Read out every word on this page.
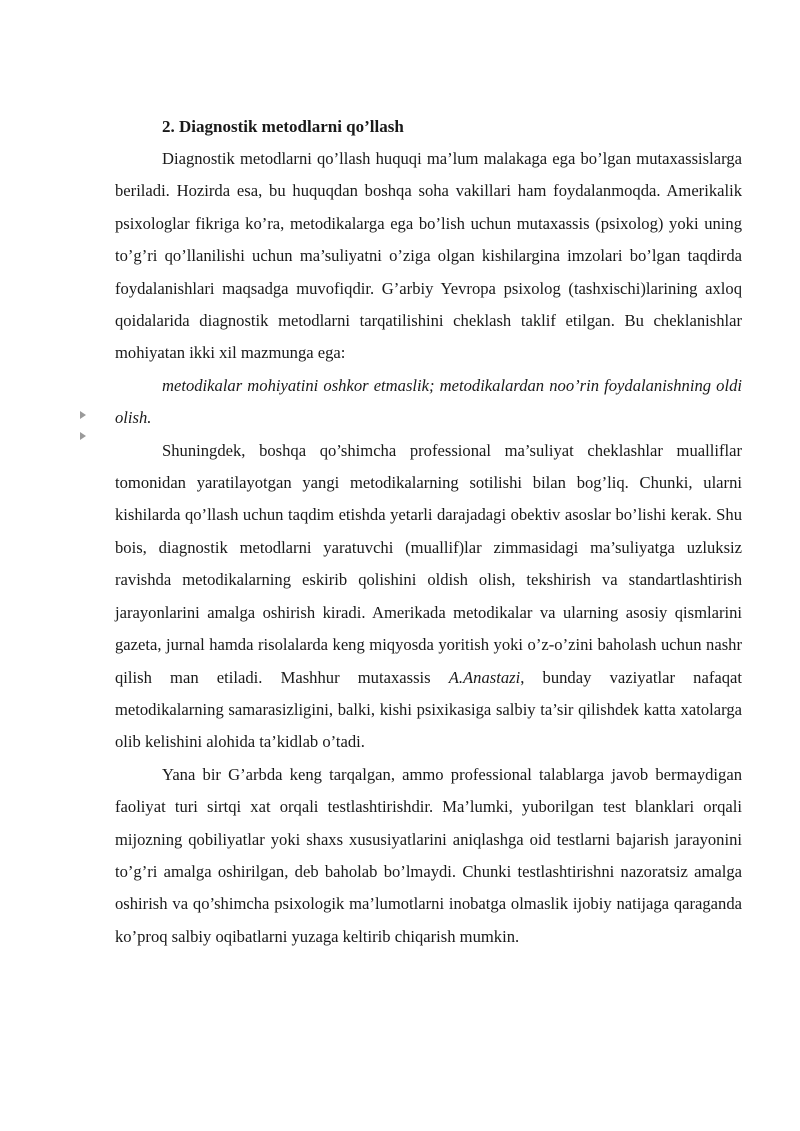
2. Diagnostik metodlarni qo’llash

Diagnostik metodlarni qo’llash huquqi ma’lum malakaga ega bo’lgan mutaxassislarga beriladi. Hozirda esa, bu huquqdan boshqa soha vakillari ham foydalanmoqda. Amerikalik psixologlar fikriga ko’ra, metodikalarga ega bo’lish uchun mutaxassis (psixolog) yoki uning to’g’ri qo’llanilishi uchun ma’suliyatni o’ziga olgan kishilargina imzolari bo’lgan taqdirda foydalanishlari maqsadga muvofiqdir. G’arbiy Yevropa psixolog (tashxischi)larining axloq qoidalarida diagnostik metodlarni tarqatilishini cheklash taklif etilgan. Bu cheklanishlar mohiyatan ikki xil mazmunga ega:

metodikalar mohiyatini oshkor etmaslik; metodikalardan noo’rin foydalanishning oldi olish.

Shuningdek, boshqa qo’shimcha professional ma’suliyat cheklashlar mualliflar tomonidan yaratilayotgan yangi metodikalarning sotilishi bilan bog’liq. Chunki, ularni kishilarda qo’llash uchun taqdim etishda yetarli darajadagi obektiv asoslar bo’lishi kerak. Shu bois, diagnostik metodlarni yaratuvchi (muallif)lar zimmasidagi ma’suliyatga uzluksiz ravishda metodikalarning eskirib qolishini oldish olish, tekshirish va standartlashtirish jarayonlarini amalga oshirish kiradi. Amerikada metodikalar va ularning asosiy qismlarini gazeta, jurnal hamda risolalarda keng miqyosda yoritish yoki o’z-o’zini baholash uchun nashr qilish man etiladi. Mashhur mutaxassis A.Anastazi, bunday vaziyatlar nafaqat metodikalarning samarasizligini, balki, kishi psixikasiga salbiy ta’sir qilishdek katta xatolarga olib kelishini alohida ta’kidlab o’tadi.

Yana bir G’arbda keng tarqalgan, ammo professional talablarga javob bermaydigan faoliyat turi sirtqi xat orqali testlashtirishdir. Ma’lumki, yuborilgan test blanklari orqali mijozning qobiliyatlar yoki shaxs xususiyatlarini aniqlashga oid testlarni bajarish jarayonini to’g’ri amalga oshirilgan, deb baholab bo’lmaydi. Chunki testlashtirishni nazoratsiz amalga oshirish va qo’shimcha psixologik ma’lumotlarni inobatga olmaslik ijobiy natijaga qaraganda ko’proq salbiy oqibatlarni yuzaga keltirib chiqarish mumkin.
